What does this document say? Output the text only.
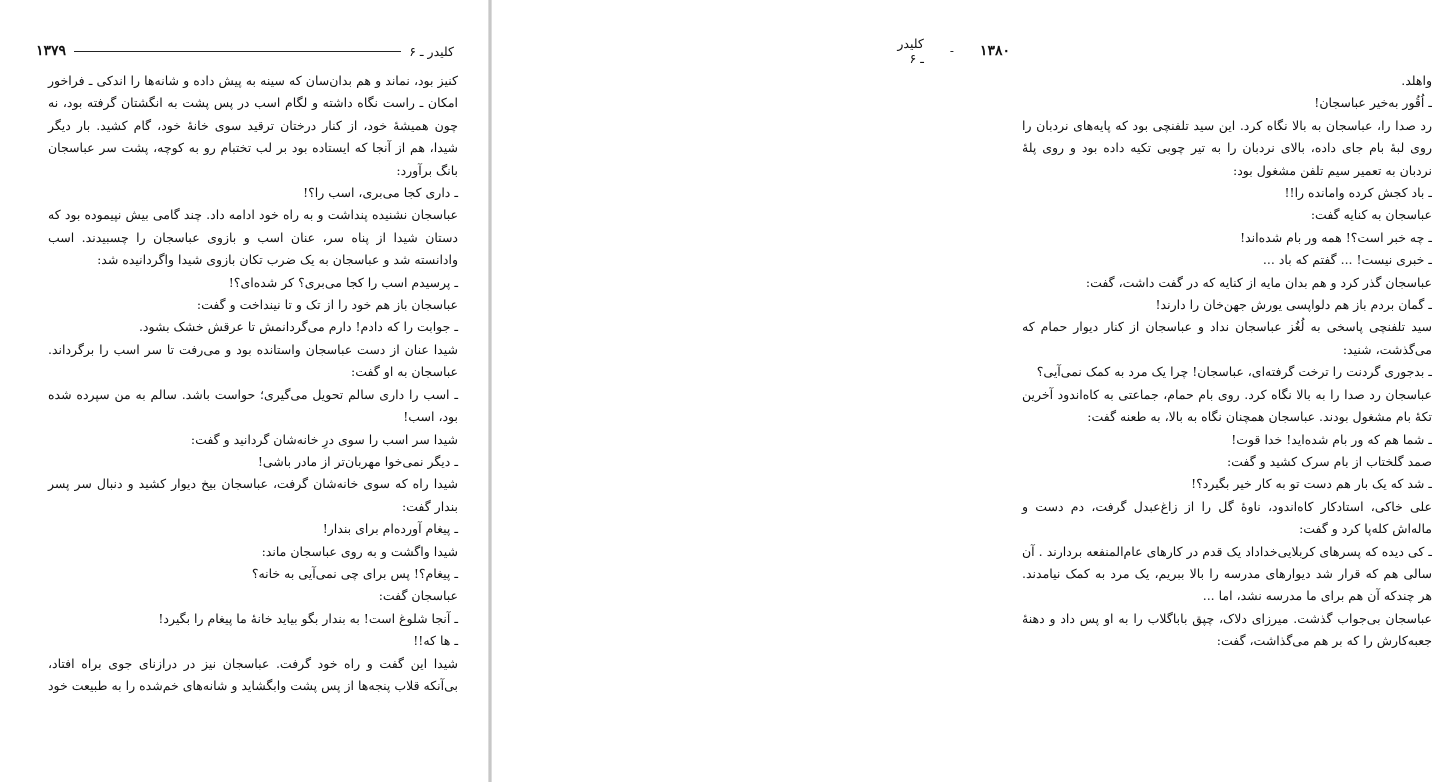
کلیدر ـ ۶
۱۳۷۹

کنیز بود، نماند و هم بدان‌سان که سینه به پیش داده و شانه‌ها را اندکی ـ فراخور امکان ـ راست نگاه داشته و لگام اسب در پس پشت به انگشتان گرفته بود، نه چون همیشهٔ خود، از کنار درختان ترقید سوی خانهٔ خود، گام کشید. بار دیگر شیدا، هم از آنجا که ایستاده بود بر لب تختبام رو به کوچه، پشت سر عباسجان بانگ برآورد:

ـ داری کجا می‌بری، اسب را؟!

عباسجان نشنیده پنداشت و به راه خود ادامه داد. چند گامی بیش نپیموده بود که دستان شیدا از پناه سر، عنان اسب و بازوی عباسجان را چسبیدند. اسب وادانسته شد و عباسجان به یک ضرب تکان بازوی شیدا واگردانیده شد:

ـ پرسیدم اسب را کجا می‌بری؟ کر شده‌ای؟!

عباسجان باز هم خود را از تک و تا نینداخت و گفت:

ـ جوابت را که دادم! دارم می‌گردانمش تا عرقش خشک بشود.

شیدا عنان از دست عباسجان واستانده بود و می‌رفت تا سر اسب را برگرداند. عباسجان به او گفت:

ـ اسب را داری سالم تحویل می‌گیری؛ حواست باشد. سالم به من سپرده شده بود، اسب!

شیدا سر اسب را سوی درِ خانه‌شان گردانید و گفت:

ـ دیگر نمی‌خوا مهربان‌تر از مادر باشی!

شیدا راه که سوی خانه‌شان گرفت، عباسجان بیخ دیوار کشید و دنبال سر پسر بندار گفت:

ـ پیغام آورده‌ام برای بندار!

شیدا واگشت و به روی عباسجان ماند:

ـ پیغام؟! پس برای چی نمی‌آیی به خانه؟

عباسجان گفت:

ـ آنجا شلوغ است! به بندار بگو بیاید خانهٔ ما پیغام را بگیرد!

ـ ها که!!

شیدا این گفت و راه خود گرفت. عباسجان نیز در درازنای جوی براه افتاد، بی‌آنکه قلاب پنجه‌ها از پس پشت وابگشاید و شانه‌های خم‌شده را به طبیعت خود

۱۳۸۰
-
کلیدر ـ ۶

واهلد.

ـ اُقُور به‌خیر عباسجان!

رد صدا را، عباسجان به بالا نگاه کرد. این سید تلفنچی بود که پایه‌های نردبان را روی لبهٔ بام جای داده، بالای نردبان را به تیر چوبی تکیه داده بود و روی پلهٔ نردبان به تعمیر سیم تلفن مشغول بود:

ـ باد کجش کرده وامانده را!!

عباسجان به کنایه گفت:

ـ چه خبر است؟! همه ور بام شده‌اند!

ـ خبری نیست! ... گفتم که باد ...

عباسجان گذر کرد و هم بدان مایه از کنایه که در گفت داشت، گفت:

ـ گمان بردم باز هم دلواپسی یورش جهن‌خان را دارند!

سید تلفنچی پاسخی به لُغُز عباسجان نداد و عباسجان از کنار دیوار حمام که می‌گذشت، شنید:

ـ بدجوری گردنت را ترخت گرفته‌ای، عباسجان! چرا یک مرد به کمک نمی‌آیی؟

عباسجان رد صدا را به بالا نگاه کرد. روی بام حمام، جماعتی به کاه‌اندود آخرین تکهٔ بام مشغول بودند. عباسجان همچنان نگاه به بالا، به طعنه گفت:

ـ شما هم که ور بام شده‌اید! خدا قوت!

صمد گلختاب از بام سرک کشید و گفت:

ـ شد که یک بار هم دست تو به کار خیر بگیرد؟!

علی خاکی، استادکار کاه‌اندود، ناوهٔ گل را از زاغ‌عبدل گرفت، دم دست و ماله‌اش کله‌پا کرد و گفت:

ـ کی دیده که پسرهای کربلایی‌خداداد یک قدم در کارهای عام‌المنفعه بردارند . آن سالی هم که قرار شد دیوارهای مدرسه را بالا ببریم، یک مرد به کمک نیامدند. هر چندکه آن هم برای ما مدرسه نشد، اما ...

عباسجان بی‌جواب گذشت. میرزای دلاک، چپق باباگلاب را به او پس داد و دهنهٔ جعبه‌کارش را که بر هم می‌گذاشت، گفت:
